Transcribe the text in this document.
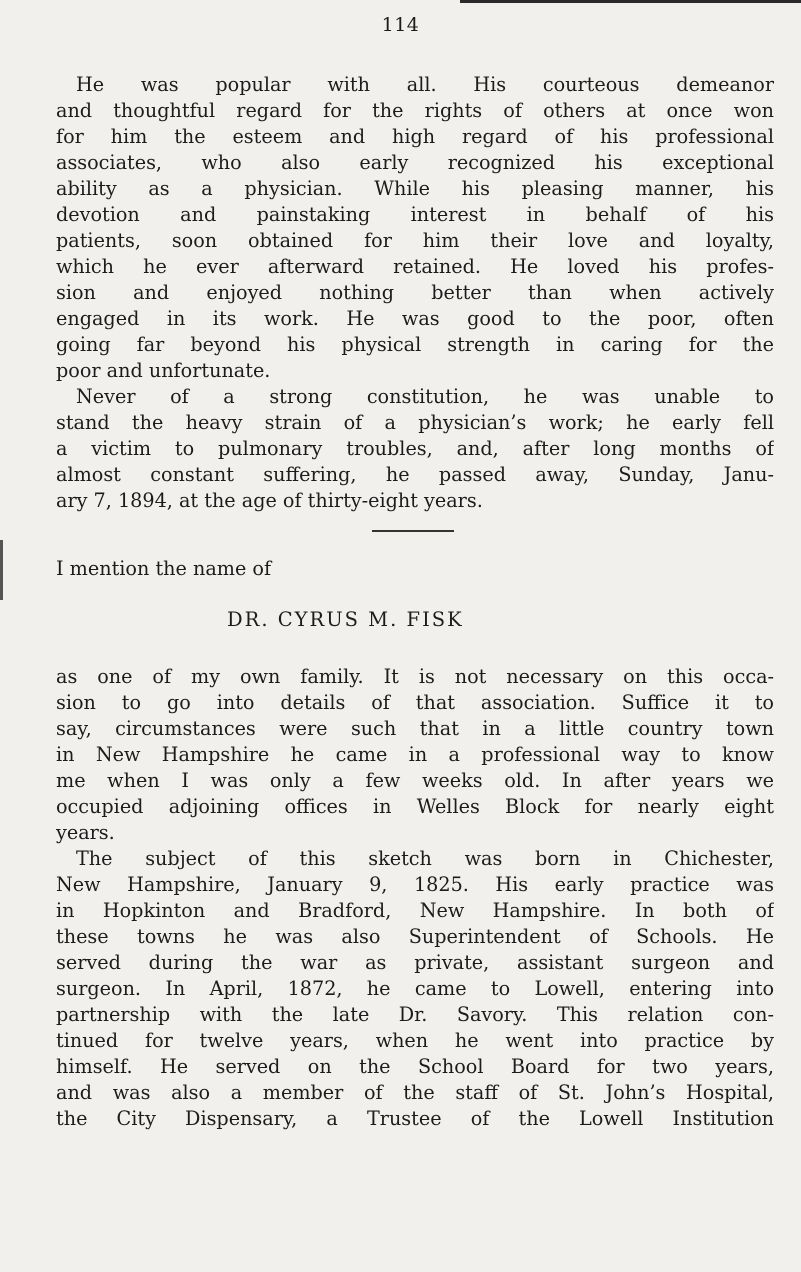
114
He was popular with all. His courteous demeanor
and thoughtful regard for the rights of others at once won
for him the esteem and high regard of his professional
associates, who also early recognized his exceptional
ability as a physician. While his pleasing manner, his
devotion and painstaking interest in behalf of his
patients, soon obtained for him their love and loyalty,
which he ever afterward retained. He loved his profes-
sion and enjoyed nothing better than when actively
engaged in its work. He was good to the poor, often
going far beyond his physical strength in caring for the
poor and unfortunate.
Never of a strong constitution, he was unable to
stand the heavy strain of a physician’s work; he early fell
a victim to pulmonary troubles, and, after long months of
almost constant suffering, he passed away, Sunday, Janu-
ary 7, 1894, at the age of thirty-eight years.
I mention the name of
DR. CYRUS M. FISK
as one of my own family. It is not necessary on this occa-
sion to go into details of that association. Suffice it to
say, circumstances were such that in a little country town
in New Hampshire he came in a professional way to know
me when I was only a few weeks old. In after years we
occupied adjoining offices in Welles Block for nearly eight
years.
The subject of this sketch was born in Chichester,
New Hampshire, January 9, 1825. His early practice was
in Hopkinton and Bradford, New Hampshire. In both of
these towns he was also Superintendent of Schools. He
served during the war as private, assistant surgeon and
surgeon. In April, 1872, he came to Lowell, entering into
partnership with the late Dr. Savory. This relation con-
tinued for twelve years, when he went into practice by
himself. He served on the School Board for two years,
and was also a member of the staff of St. John’s Hospital,
the City Dispensary, a Trustee of the Lowell Institution
